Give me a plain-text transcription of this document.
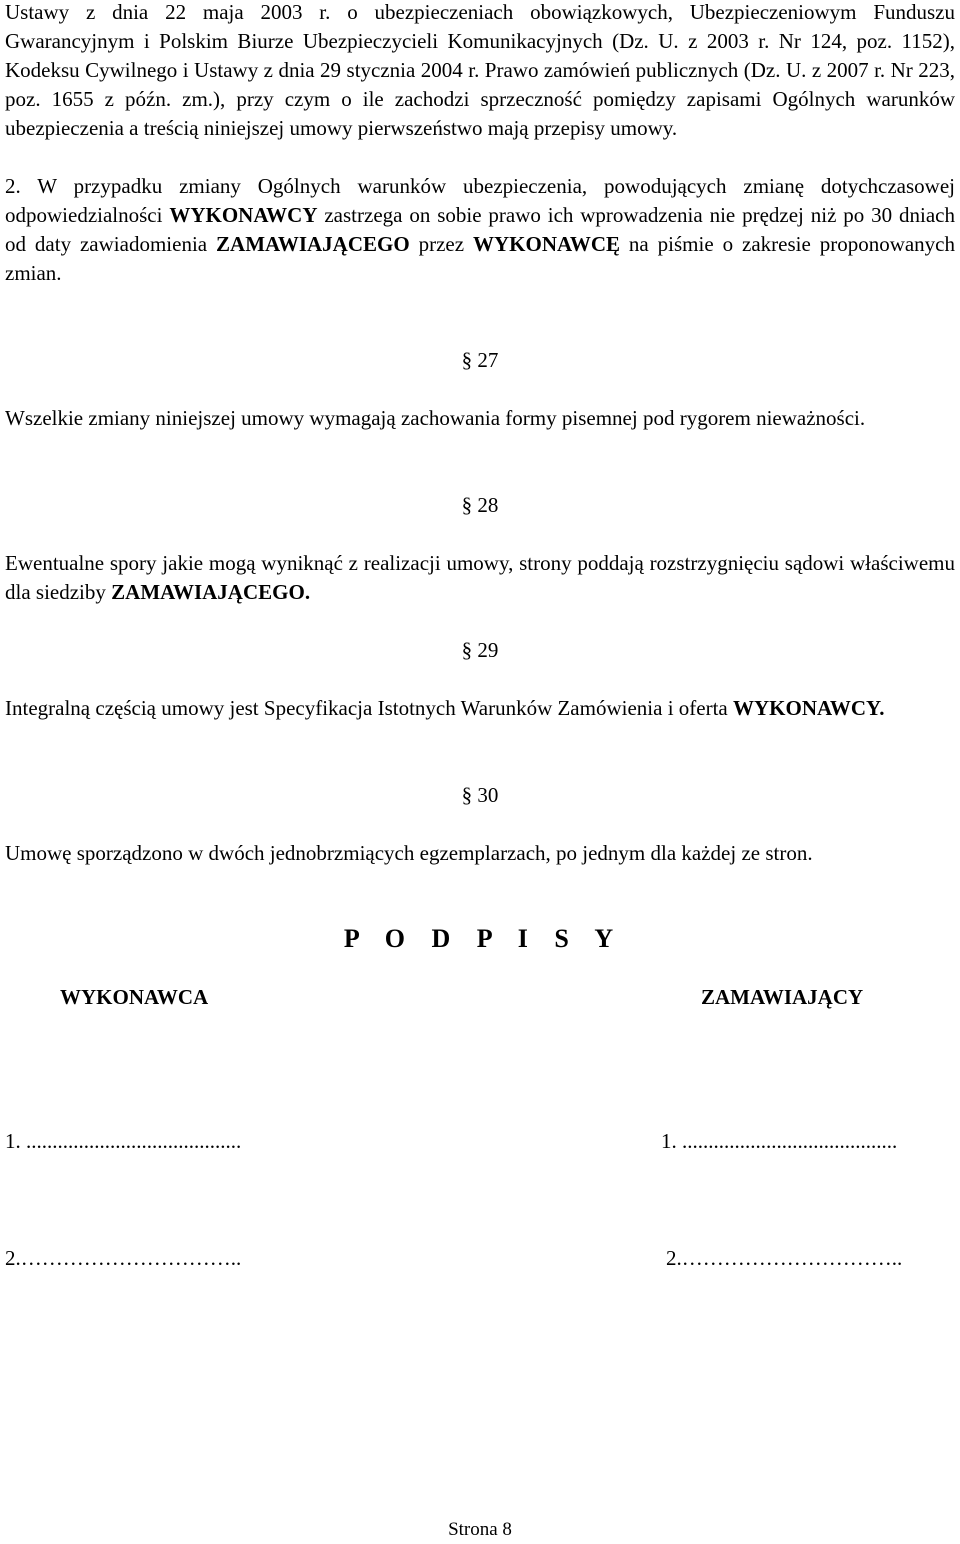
Ustawy z dnia 22 maja 2003 r. o ubezpieczeniach obowiązkowych, Ubezpieczeniowym Funduszu Gwarancyjnym i Polskim Biurze Ubezpieczycieli Komunikacyjnych (Dz. U. z 2003 r. Nr 124, poz. 1152), Kodeksu Cywilnego i Ustawy z dnia 29 stycznia 2004 r. Prawo zamówień publicznych (Dz. U. z 2007 r. Nr 223, poz. 1655 z późn. zm.), przy czym o ile zachodzi sprzeczność pomiędzy zapisami Ogólnych warunków ubezpieczenia a treścią niniejszej umowy pierwszeństwo mają przepisy umowy.

2. W przypadku zmiany Ogólnych warunków ubezpieczenia, powodujących zmianę dotychczasowej odpowiedzialności WYKONAWCY zastrzega on sobie prawo ich wprowadzenia nie prędzej niż po 30 dniach od daty zawiadomienia ZAMAWIAJĄCEGO przez WYKONAWCĘ na piśmie o zakresie proponowanych zmian.

§ 27

Wszelkie zmiany niniejszej umowy wymagają zachowania formy pisemnej pod rygorem nieważności.

§ 28

Ewentualne spory jakie mogą wyniknąć z realizacji umowy, strony poddają rozstrzygnięciu sądowi właściwemu dla siedziby ZAMAWIAJĄCEGO.

§ 29

Integralną częścią umowy jest Specyfikacja Istotnych Warunków Zamówienia i oferta WYKONAWCY.

§ 30

Umowę sporządzono w dwóch jednobrzmiących egzemplarzach, po jednym dla każdej ze stron.

P O D P I S Y
WYKONAWCA	ZAMAWIAJĄCY
1. .........................................	1. .........................................
2.…………………………..	2.…………………………..
Strona 8
